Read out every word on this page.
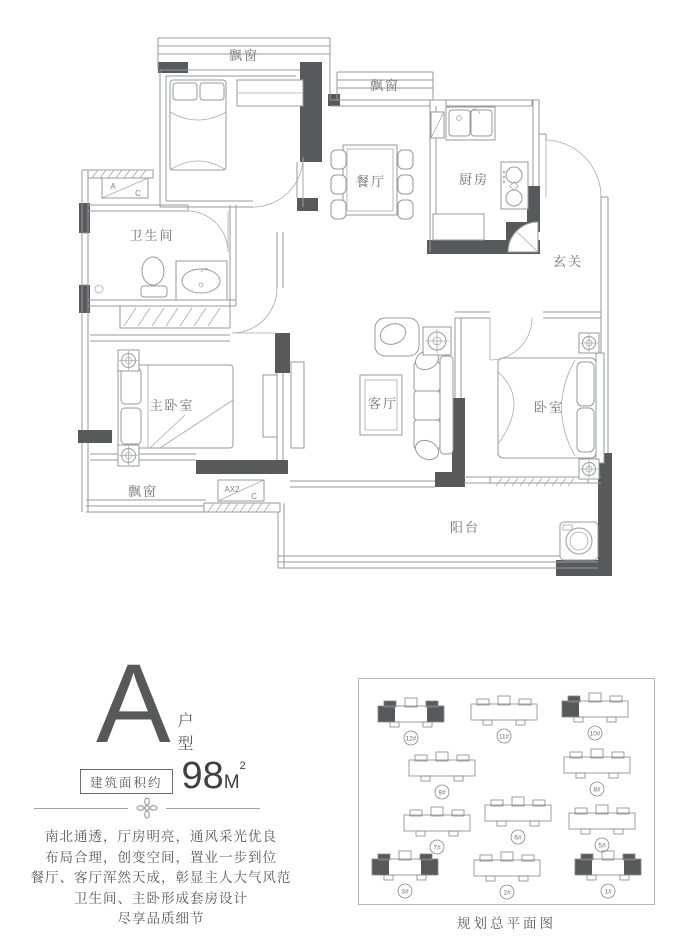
A
C
AX2
C
飘窗
飘窗
餐厅	厨房
玄关
卫生间
主卧室	客厅	卧室
阳台
飘窗
A 户型
建筑面积约 $98M^2$
南北通透，厅房明亮，通风采光优良
布局合理，创变空间，置业一步到位
餐厅、客厅浑然天成，彰显主人大气风范
卫生间、主卧形成套房设计
尽享品质细节
12#	11#	10#
9#	8#
7#
6#
5#
3#	2#	1#
规划总平面图
